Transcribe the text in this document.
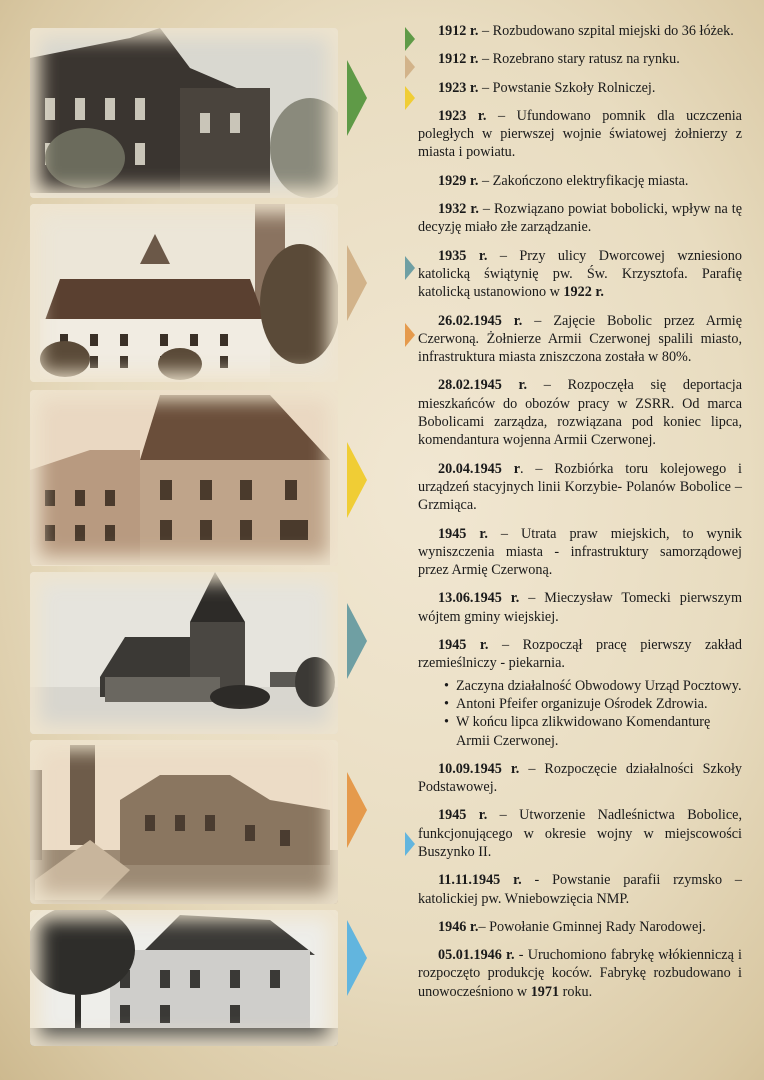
1912 r. – Rozbudowano szpital miejski do 36 łóżek.

1912 r. – Rozebrano stary ratusz na rynku.

1923 r. – Powstanie Szkoły Rolniczej.

1923 r. – Ufundowano pomnik dla uczczenia poległych w pierwszej wojnie światowej żołnierzy z miasta i powiatu.

1929 r. – Zakończono elektryfikację miasta.

1932 r. – Rozwiązano powiat bobolicki, wpływ na tę decyzję miało złe zarządzanie.

1935 r. – Przy ulicy Dworcowej wzniesiono katolicką świątynię pw. Św. Krzysztofa. Parafię katolicką ustanowiono w 1922 r.

26.02.1945 r. – Zajęcie Bobolic przez Armię Czerwoną. Żołnierze Armii Czerwonej spalili miasto, infrastruktura miasta zniszczona została w 80%.

28.02.1945 r. – Rozpoczęła się deportacja mieszkańców do obozów pracy w ZSRR. Od marca Bobolicami zarządza, rozwiązana pod koniec lipca, komendantura wojenna Armii Czerwonej.

20.04.1945 r. – Rozbiórka toru kolejowego i urządzeń stacyjnych linii Korzybie- Polanów Bobolice – Grzmiąca.

1945 r. – Utrata praw miejskich, to wynik wyniszczenia miasta - infrastruktury samorządowej przez Armię Czerwoną.

13.06.1945 r. – Mieczysław Tomecki pierwszym wójtem gminy wiejskiej.

1945 r. – Rozpoczął pracę pierwszy zakład rzemieślniczy - piekarnia.

• Zaczyna działalność Obwodowy Urząd Pocztowy.
• Antoni Pfeifer organizuje Ośrodek Zdrowia.
• W końcu lipca zlikwidowano Komendanturę Armii Czerwonej.

10.09.1945 r. – Rozpoczęcie działalności Szkoły Podstawowej.

1945 r. – Utworzenie Nadleśnictwa Bobolice, funkcjonującego w okresie wojny w miejscowości Buszynko II.

11.11.1945 r. - Powstanie parafii rzymsko – katolickiej pw. Wniebowzięcia NMP.

1946 r.– Powołanie Gminnej Rady Narodowej.

05.01.1946 r. - Uruchomiono fabrykę włókienniczą i rozpoczęto produkcję koców. Fabrykę rozbudowano i unowocześniono w 1971 roku.
